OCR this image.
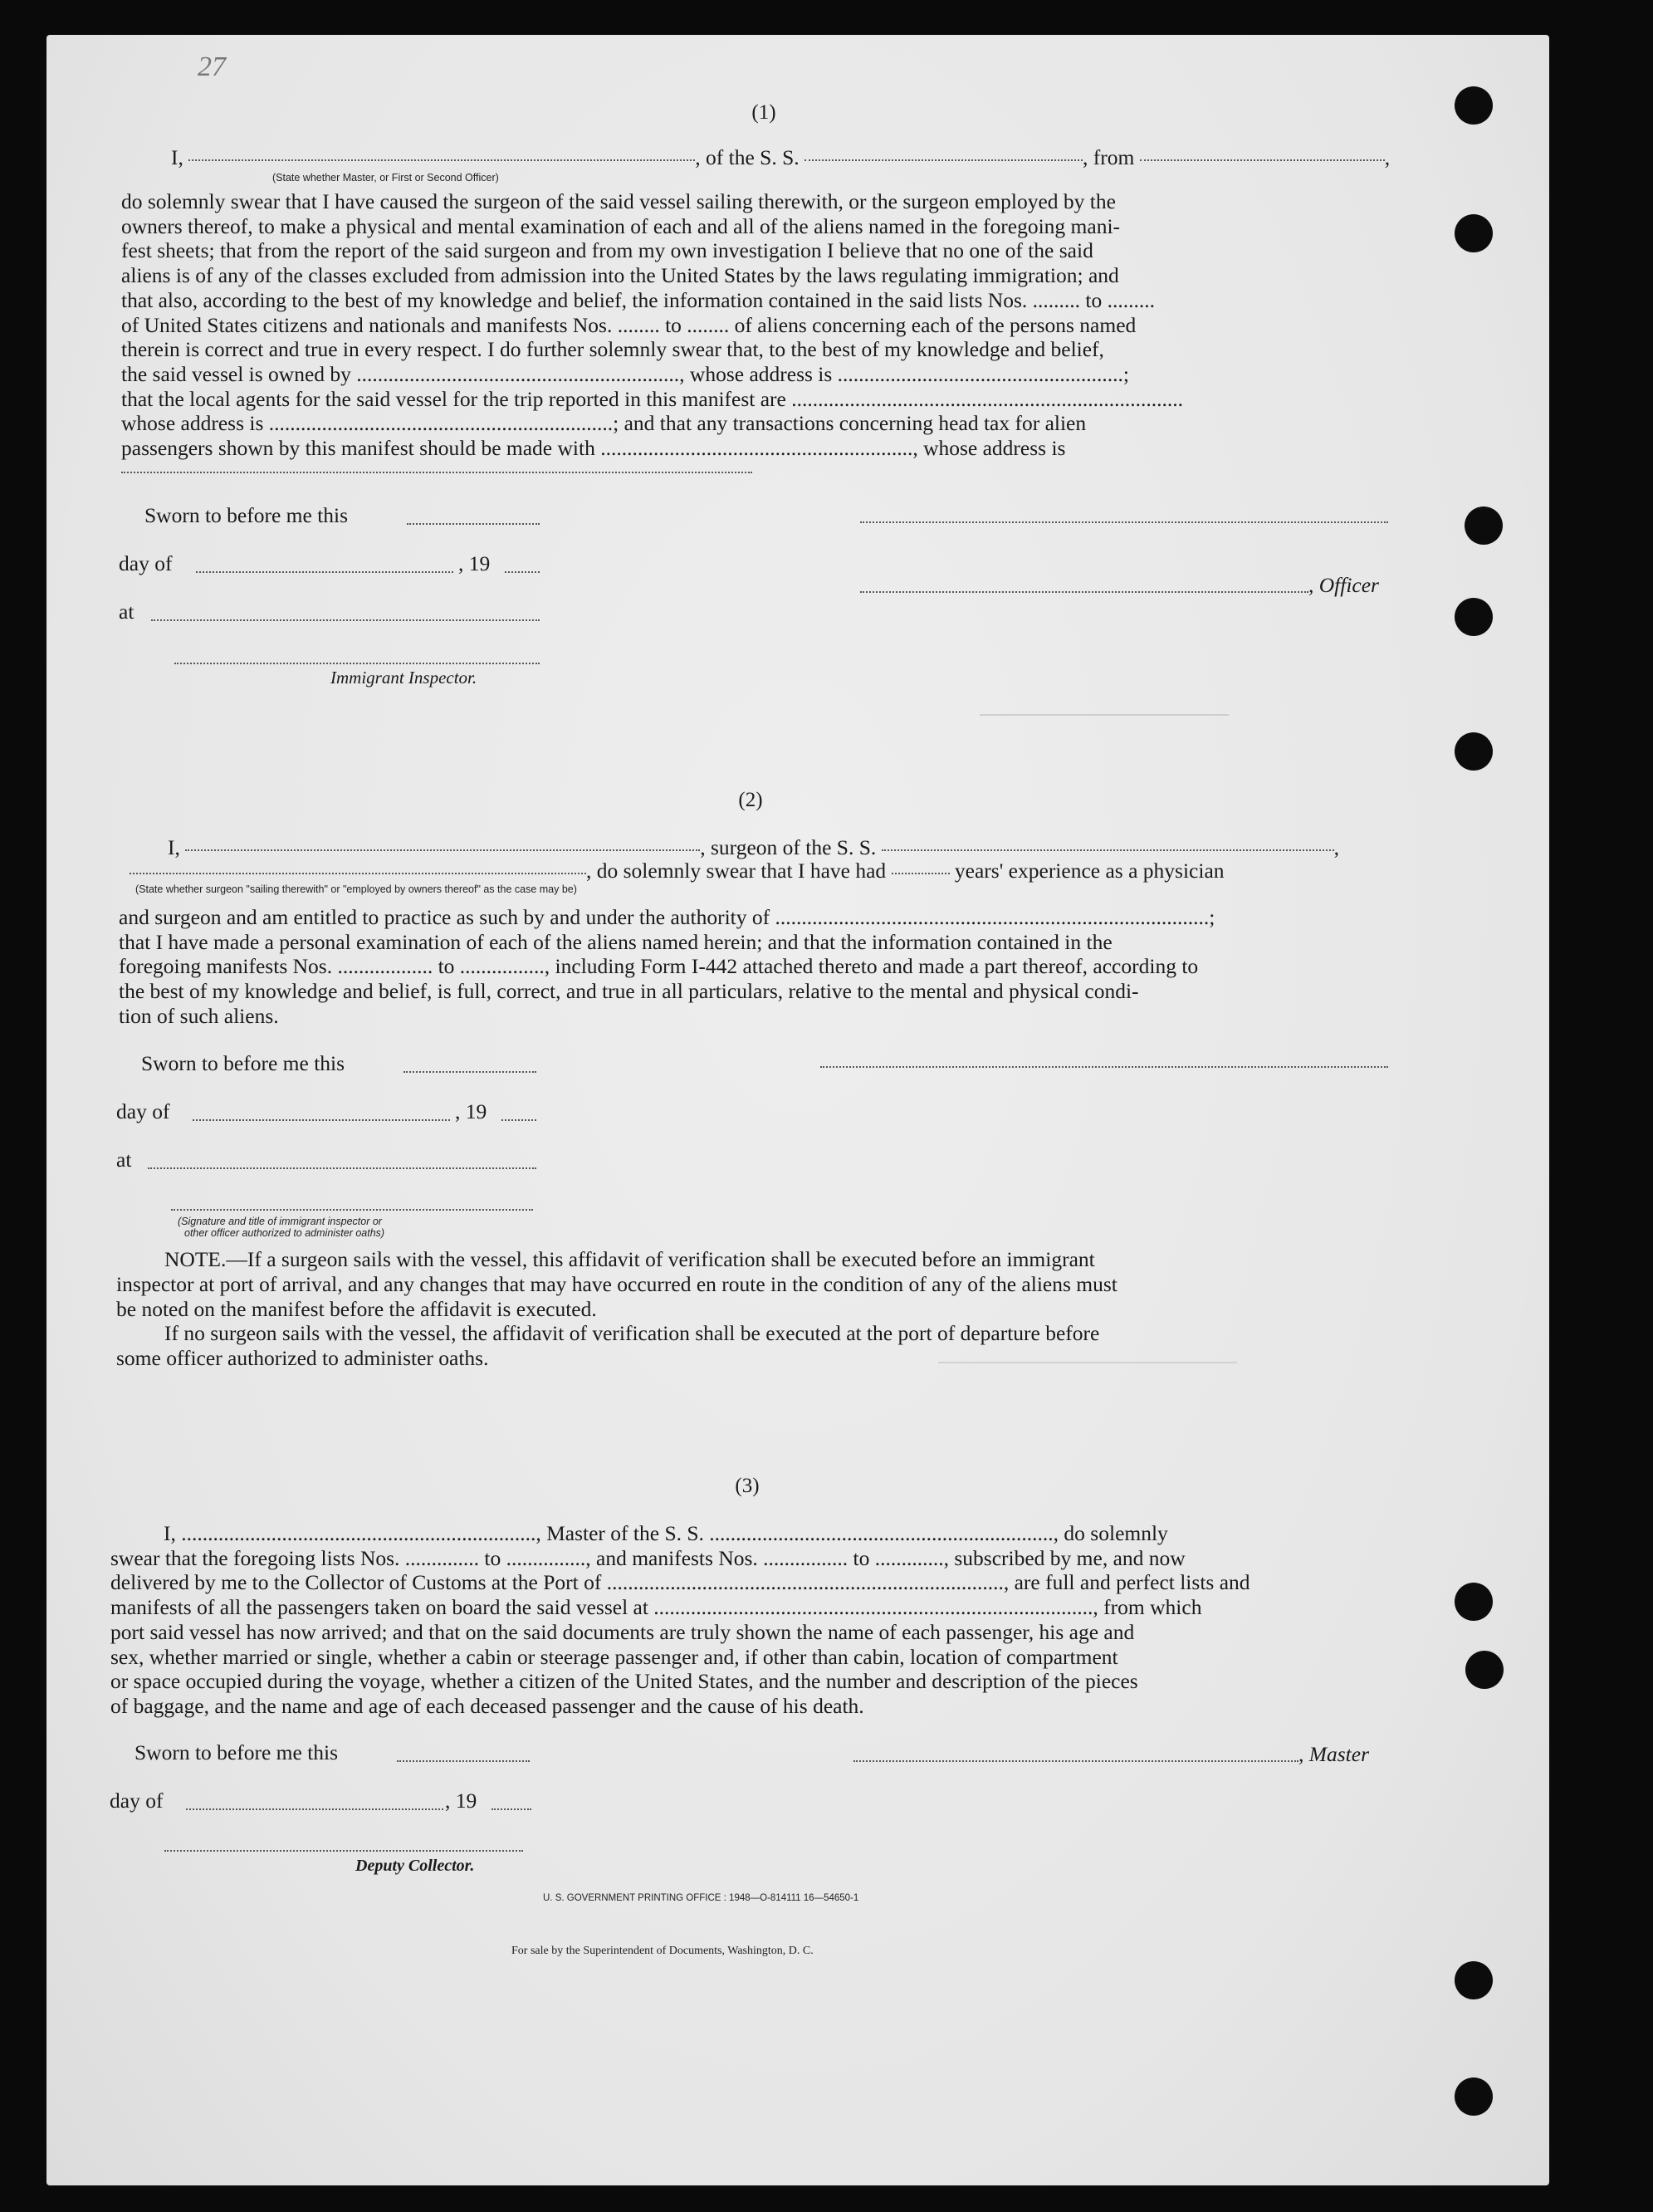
27
(1)
I,	, of the S. S.	, from	,
(State whether Master, or First or Second Officer)
do solemnly swear that I have caused the surgeon of the said vessel sailing therewith, or the surgeon employed by the
owners thereof, to make a physical and mental examination of each and all of the aliens named in the foregoing mani-
fest sheets; that from the report of the said surgeon and from my own investigation I believe that no one of the said
aliens is of any of the classes excluded from admission into the United States by the laws regulating immigration; and
that also, according to the best of my knowledge and belief, the information contained in the said lists Nos. ......... to .........
of United States citizens and nationals and manifests Nos. ........ to ........ of aliens concerning each of the persons named
therein is correct and true in every respect. I do further solemnly swear that, to the best of my knowledge and belief,
the said vessel is owned by ............................................................., whose address is ......................................................;
that the local agents for the said vessel for the trip reported in this manifest are ..........................................................................
whose address is .................................................................; and that any transactions concerning head tax for alien
passengers shown by this manifest should be made with ..........................................................., whose address is
Sworn to before me this
day of	, 19
, Officer
at
Immigrant Inspector.
(2)
I,	, surgeon of the S. S.	,
, do solemnly swear that I have had	years' experience as a physician
(State whether surgeon "sailing therewith" or "employed by owners thereof" as the case may be)
and surgeon and am entitled to practice as such by and under the authority of ..................................................................................;
that I have made a personal examination of each of the aliens named herein; and that the information contained in the
foregoing manifests Nos. .................. to ................, including Form I-442 attached thereto and made a part thereof, according to
the best of my knowledge and belief, is full, correct, and true in all particulars, relative to the mental and physical condi-
tion of such aliens.
Sworn to before me this
day of	, 19
at
(Signature and title of immigrant inspector or
other officer authorized to administer oaths)
NOTE.—If a surgeon sails with the vessel, this affidavit of verification shall be executed before an immigrant
inspector at port of arrival, and any changes that may have occurred en route in the condition of any of the aliens must
be noted on the manifest before the affidavit is executed.
If no surgeon sails with the vessel, the affidavit of verification shall be executed at the port of departure before
some officer authorized to administer oaths.
(3)
I, ..................................................................., Master of the S. S. ................................................................., do solemnly
swear that the foregoing lists Nos. .............. to ..............., and manifests Nos. ................ to ............., subscribed by me, and now
delivered by me to the Collector of Customs at the Port of ..........................................................................., are full and perfect lists and
manifests of all the passengers taken on board the said vessel at ..................................................................................., from which
port said vessel has now arrived; and that on the said documents are truly shown the name of each passenger, his age and
sex, whether married or single, whether a cabin or steerage passenger and, if other than cabin, location of compartment
or space occupied during the voyage, whether a citizen of the United States, and the number and description of the pieces
of baggage, and the name and age of each deceased passenger and the cause of his death.
Sworn to before me this	, Master
day of	, 19
Deputy Collector.
U. S. GOVERNMENT PRINTING OFFICE : 1948—O-814111 16—54650-1
For sale by the Superintendent of Documents, Washington, D. C.
